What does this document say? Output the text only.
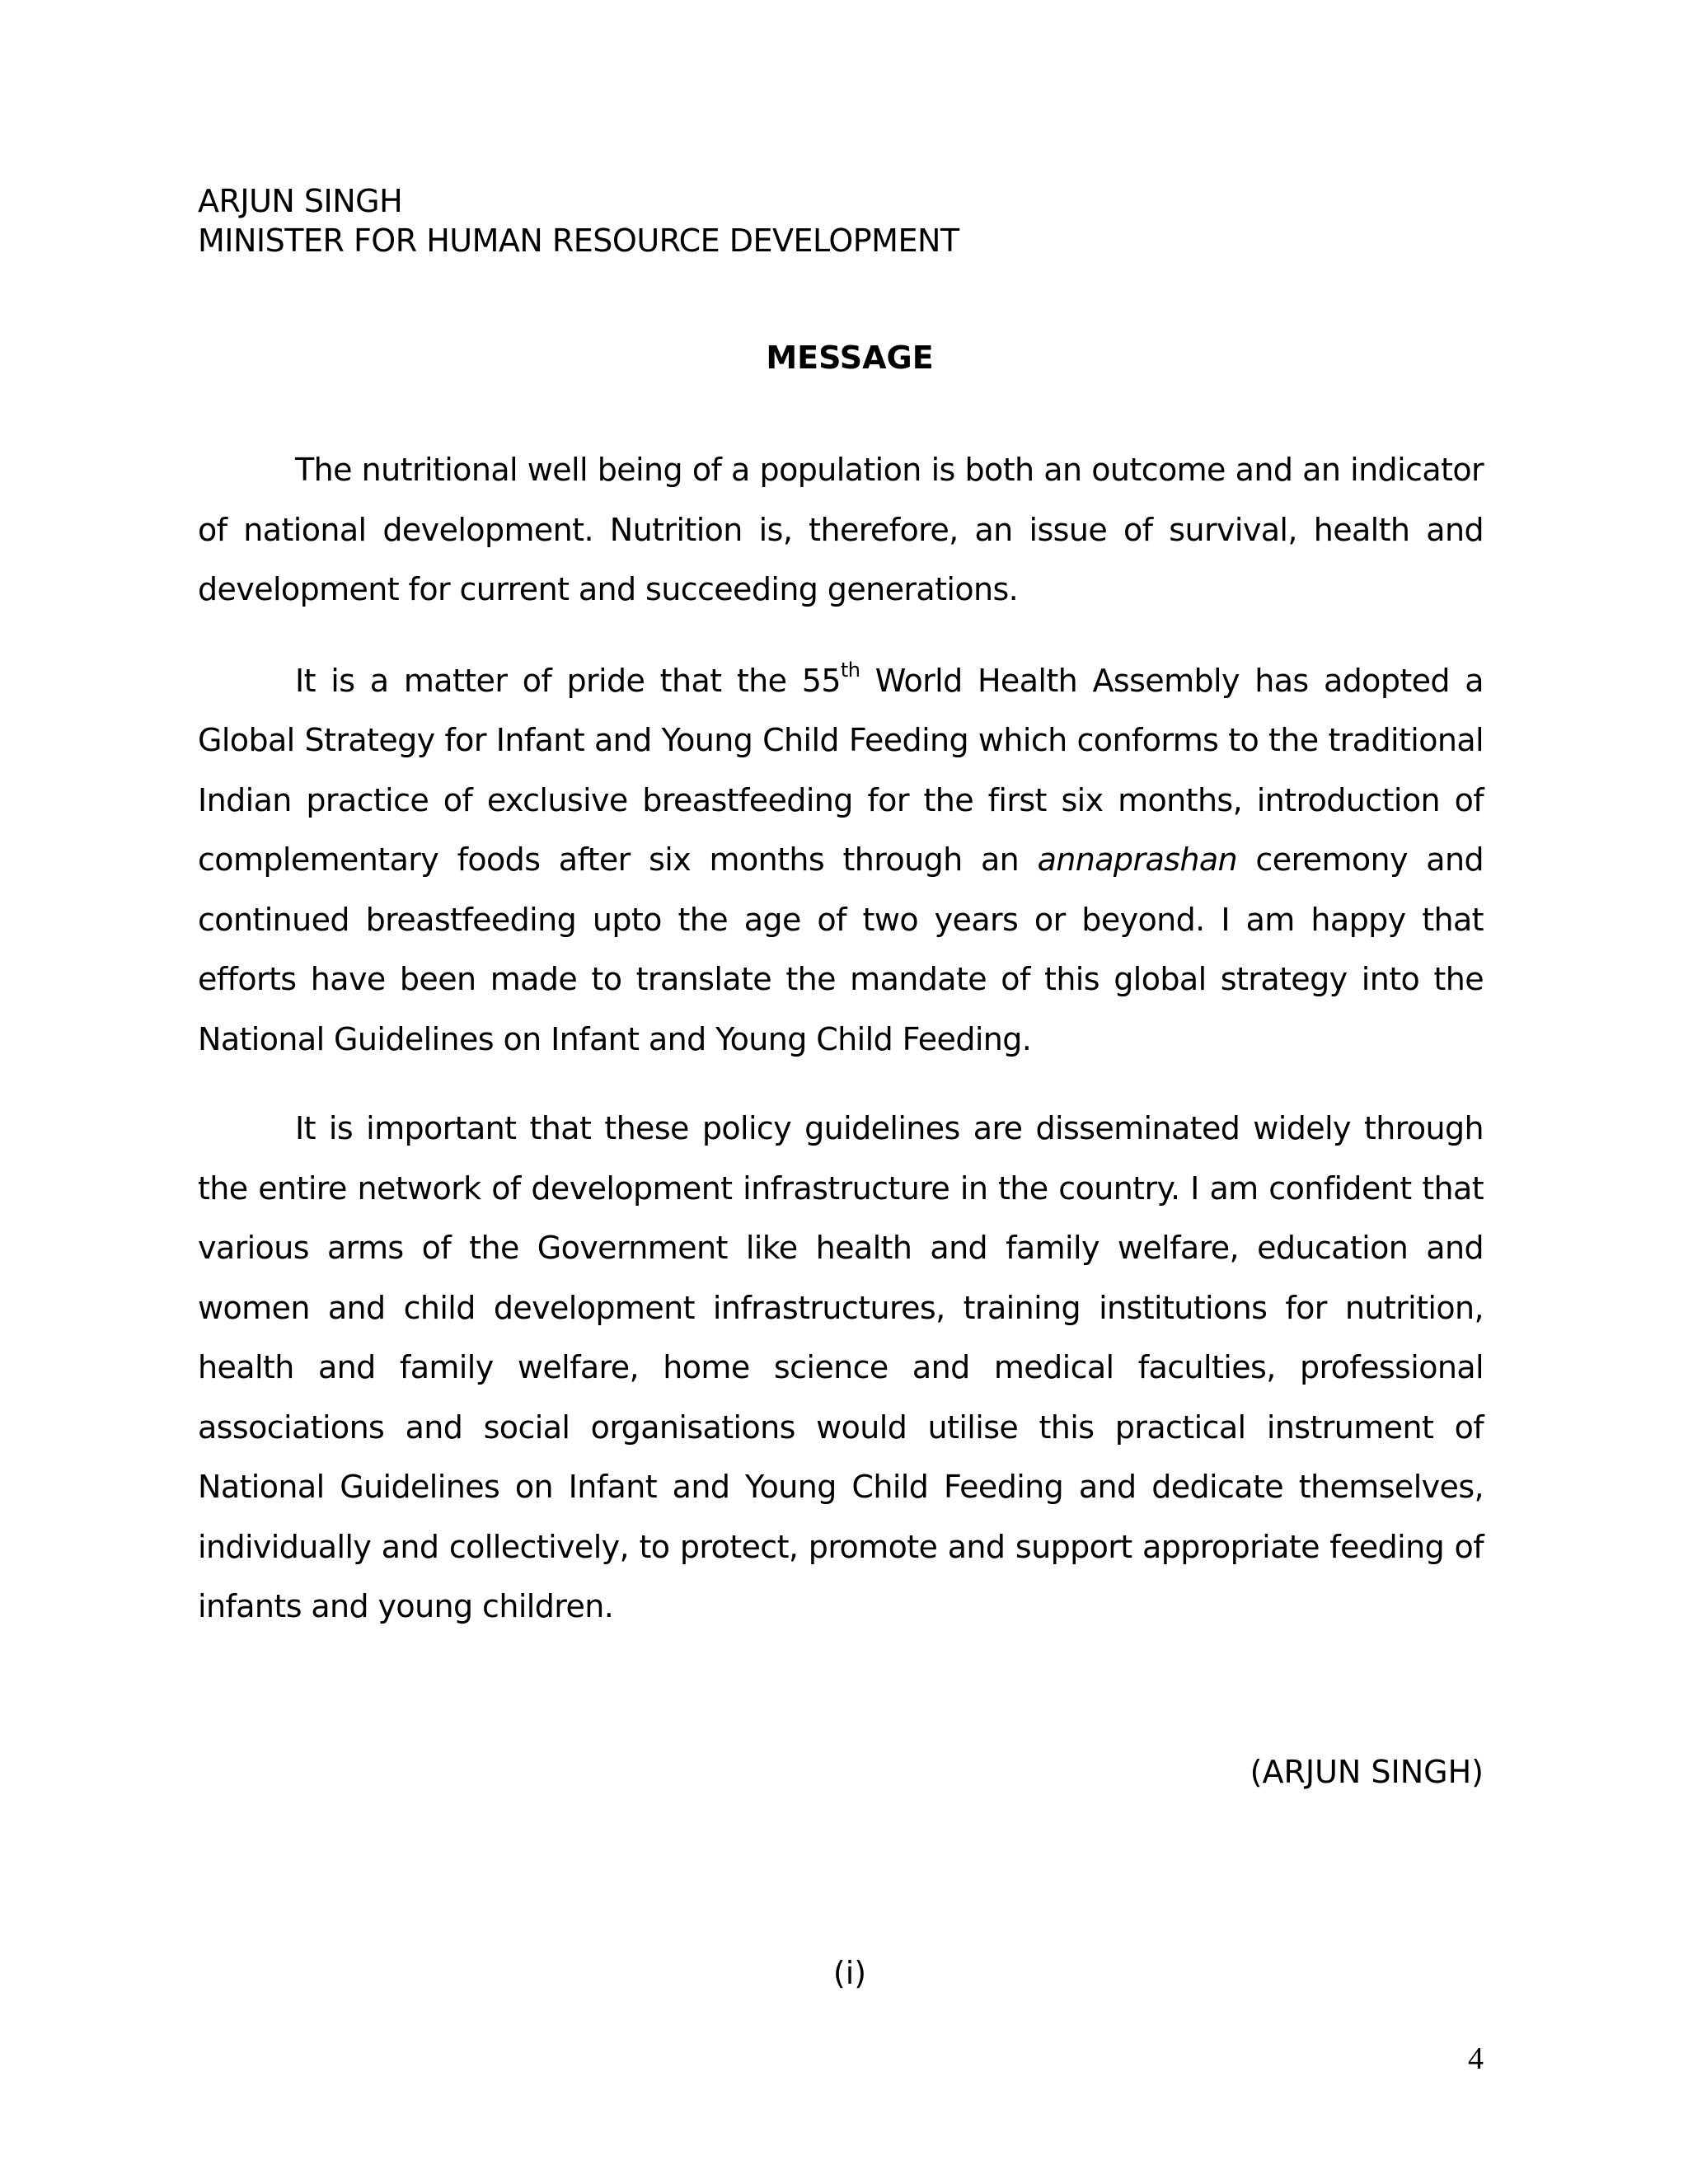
ARJUN SINGH
MINISTER FOR HUMAN RESOURCE DEVELOPMENT
MESSAGE

The nutritional well being of a population is both an outcome and an indicator of national development. Nutrition is, therefore, an issue of survival, health and development for current and succeeding generations.

It is a matter of pride that the 55th World Health Assembly has adopted a Global Strategy for Infant and Young Child Feeding which conforms to the traditional Indian practice of exclusive breastfeeding for the first six months, introduction of complementary foods after six months through an annaprashan ceremony and continued breastfeeding upto the age of two years or beyond. I am happy that efforts have been made to translate the mandate of this global strategy into the National Guidelines on Infant and Young Child Feeding.

It is important that these policy guidelines are disseminated widely through the entire network of development infrastructure in the country. I am confident that various arms of the Government like health and family welfare, education and women and child development infrastructures, training institutions for nutrition, health and family welfare, home science and medical faculties, professional associations and social organisations would utilise this practical instrument of National Guidelines on Infant and Young Child Feeding and dedicate themselves, individually and collectively, to protect, promote and support appropriate feeding of infants and young children.

(ARJUN SINGH)
(i)
4
